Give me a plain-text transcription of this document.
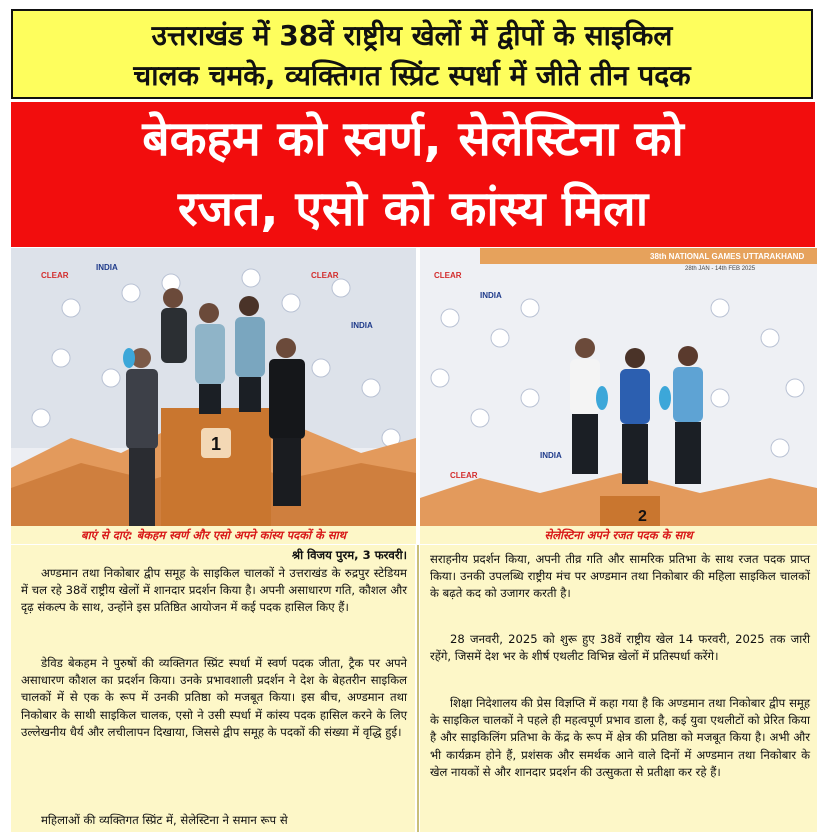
उत्तराखंड में 38वें राष्ट्रीय खेलों में द्वीपों के साइकिल
चालक चमके, व्यक्तिगत स्प्रिंट स्पर्धा में जीते तीन पदक
बेकहम को स्वर्ण, सेलेस्टिना को
रजत, एसो को कांस्य मिला
CLEAR
INDIA
CLEAR
INDIA
1
38th NATIONAL GAMES UTTARAKHAND
28th JAN - 14th FEB 2025
CLEAR
INDIA
INDIA
CLEAR
2
बाएं से दाएं: बेकहम स्वर्ण और एसो अपने कांस्य पदकों के साथ	सेलेस्टिना अपने रजत पदक के साथ
श्री विजय पुरम, 3 फरवरी।
अण्डमान तथा निकोबार द्वीप समूह के साइकिल चालकों ने उत्तराखंड के रुद्रपुर स्टेडियम में चल रहे 38वें राष्ट्रीय खेलों में शानदार प्रदर्शन किया है। अपनी असाधारण गति, कौशल और दृढ़ संकल्प के साथ, उन्होंने इस प्रतिष्ठित आयोजन में कई पदक हासिल किए हैं।
डेविड बेकहम ने पुरुषों की व्यक्तिगत स्प्रिंट स्पर्धा में स्वर्ण पदक जीता, ट्रैक पर अपने असाधारण कौशल का प्रदर्शन किया। उनके प्रभावशाली प्रदर्शन ने देश के बेहतरीन साइकिल चालकों में से एक के रूप में उनकी प्रतिष्ठा को मजबूत किया। इस बीच, अण्डमान तथा निकोबार के साथी साइकिल चालक, एसो ने उसी स्पर्धा में कांस्य पदक हासिल करने के लिए उल्लेखनीय धैर्य और लचीलापन दिखाया, जिससे द्वीप समूह के पदकों की संख्या में वृद्धि हुई।
महिलाओं की व्यक्तिगत स्प्रिंट में, सेलेस्टिना ने समान रूप से
सराहनीय प्रदर्शन किया, अपनी तीव्र गति और सामरिक प्रतिभा के साथ रजत पदक प्राप्त किया। उनकी उपलब्धि राष्ट्रीय मंच पर अण्डमान तथा निकोबार की महिला साइकिल चालकों के बढ़ते कद को उजागर करती है।
28 जनवरी, 2025 को शुरू हुए 38वें राष्ट्रीय खेल 14 फरवरी, 2025 तक जारी रहेंगे, जिसमें देश भर के शीर्ष एथलीट विभिन्न खेलों में प्रतिस्पर्धा करेंगे।
शिक्षा निदेशालय की प्रेस विज्ञप्ति में कहा गया है कि अण्डमान तथा निकोबार द्वीप समूह के साइकिल चालकों ने पहले ही महत्वपूर्ण प्रभाव डाला है, कई युवा एथलीटों को प्रेरित किया है और साइकिलिंग प्रतिभा के केंद्र के रूप में क्षेत्र की प्रतिष्ठा को मजबूत किया है। अभी और भी कार्यक्रम होने हैं, प्रशंसक और समर्थक आने वाले दिनों में अण्डमान तथा निकोबार के खेल नायकों से और शानदार प्रदर्शन की उत्सुकता से प्रतीक्षा कर रहे हैं।
